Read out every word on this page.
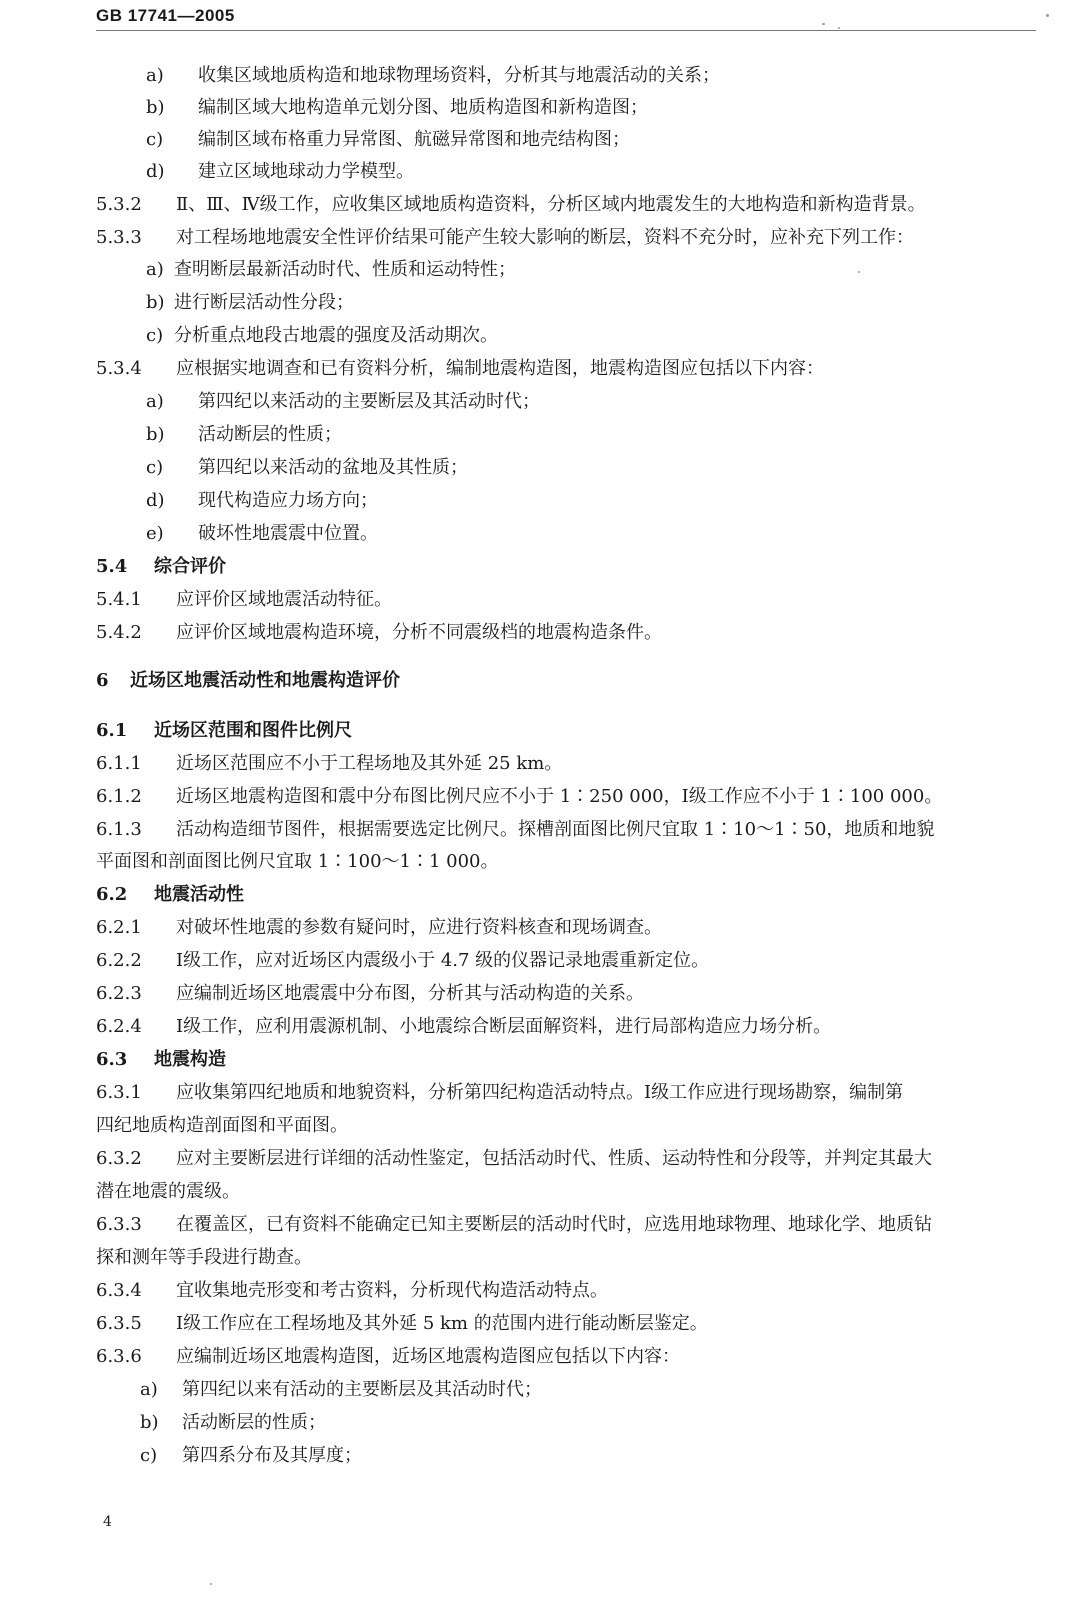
GB 17741—2005
a) 收集区域地质构造和地球物理场资料，分析其与地震活动的关系；
b) 编制区域大地构造单元划分图、地质构造图和新构造图；
c) 编制区域布格重力异常图、航磁异常图和地壳结构图；
d) 建立区域地球动力学模型。
5.3.2 Ⅱ、Ⅲ、Ⅳ级工作，应收集区域地质构造资料，分析区域内地震发生的大地构造和新构造背景。
5.3.3 对工程场地地震安全性评价结果可能产生较大影响的断层，资料不充分时，应补充下列工作：
a) 查明断层最新活动时代、性质和运动特性；
b) 进行断层活动性分段；
c) 分析重点地段古地震的强度及活动期次。
5.3.4 应根据实地调查和已有资料分析，编制地震构造图，地震构造图应包括以下内容：
a) 第四纪以来活动的主要断层及其活动时代；
b) 活动断层的性质；
c) 第四纪以来活动的盆地及其性质；
d) 现代构造应力场方向；
e) 破坏性地震震中位置。
5.4 综合评价
5.4.1 应评价区域地震活动特征。
5.4.2 应评价区域地震构造环境，分析不同震级档的地震构造条件。
6 近场区地震活动性和地震构造评价
6.1 近场区范围和图件比例尺
6.1.1 近场区范围应不小于工程场地及其外延 25 km。
6.1.2 近场区地震构造图和震中分布图比例尺应不小于 1∶250 000，Ⅰ级工作应不小于 1∶100 000。
6.1.3 活动构造细节图件，根据需要选定比例尺。探槽剖面图比例尺宜取 1∶10～1∶50，地质和地貌
平面图和剖面图比例尺宜取 1∶100～1∶1 000。
6.2 地震活动性
6.2.1 对破坏性地震的参数有疑问时，应进行资料核查和现场调查。
6.2.2 Ⅰ级工作，应对近场区内震级小于 4.7 级的仪器记录地震重新定位。
6.2.3 应编制近场区地震震中分布图，分析其与活动构造的关系。
6.2.4 Ⅰ级工作，应利用震源机制、小地震综合断层面解资料，进行局部构造应力场分析。
6.3 地震构造
6.3.1 应收集第四纪地质和地貌资料，分析第四纪构造活动特点。Ⅰ级工作应进行现场勘察，编制第
四纪地质构造剖面图和平面图。
6.3.2 应对主要断层进行详细的活动性鉴定，包括活动时代、性质、运动特性和分段等，并判定其最大
潜在地震的震级。
6.3.3 在覆盖区，已有资料不能确定已知主要断层的活动时代时，应选用地球物理、地球化学、地质钻
探和测年等手段进行勘查。
6.3.4 宜收集地壳形变和考古资料，分析现代构造活动特点。
6.3.5 Ⅰ级工作应在工程场地及其外延 5 km 的范围内进行能动断层鉴定。
6.3.6 应编制近场区地震构造图，近场区地震构造图应包括以下内容：
a) 第四纪以来有活动的主要断层及其活动时代；
b) 活动断层的性质；
c) 第四系分布及其厚度；
4
